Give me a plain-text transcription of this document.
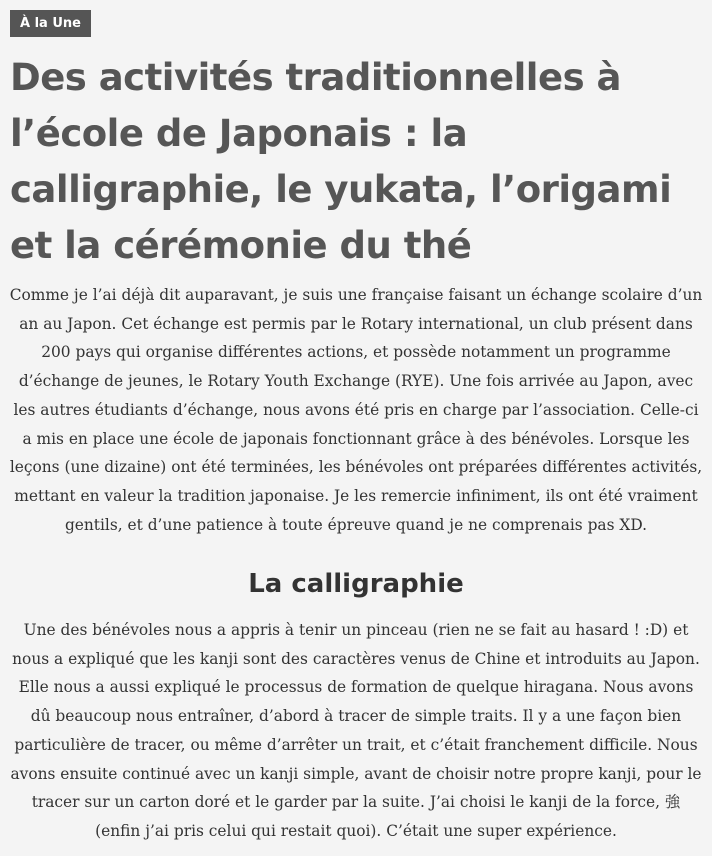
À la Une
Des activités traditionnelles à l’école de Japonais : la calligraphie, le yukata, l’origami et la cérémonie du thé

Comme je l’ai déjà dit auparavant, je suis une française faisant un échange scolaire d’un an au Japon. Cet échange est permis par le Rotary international, un club présent dans 200 pays qui organise différentes actions, et possède notamment un programme d’échange de jeunes, le Rotary Youth Exchange (RYE). Une fois arrivée au Japon, avec les autres étudiants d’échange, nous avons été pris en charge par l’association. Celle-ci a mis en place une école de japonais fonctionnant grâce à des bénévoles. Lorsque les leçons (une dizaine) ont été terminées, les bénévoles ont préparées différentes activités, mettant en valeur la tradition japonaise. Je les remercie infiniment, ils ont été vraiment gentils, et d’une patience à toute épreuve quand je ne comprenais pas XD.

La calligraphie

Une des bénévoles nous a appris à tenir un pinceau (rien ne se fait au hasard ! :D) et nous a expliqué que les kanji sont des caractères venus de Chine et introduits au Japon. Elle nous a aussi expliqué le processus de formation de quelque hiragana. Nous avons dû beaucoup nous entraîner, d’abord à tracer de simple traits. Il y a une façon bien particulière de tracer, ou même d’arrêter un trait, et c’était franchement difficile. Nous avons ensuite continué avec un kanji simple, avant de choisir notre propre kanji, pour le tracer sur un carton doré et le garder par la suite. J’ai choisi le kanji de la force, 強 (enfin j’ai pris celui qui restait quoi). C’était une super expérience.
